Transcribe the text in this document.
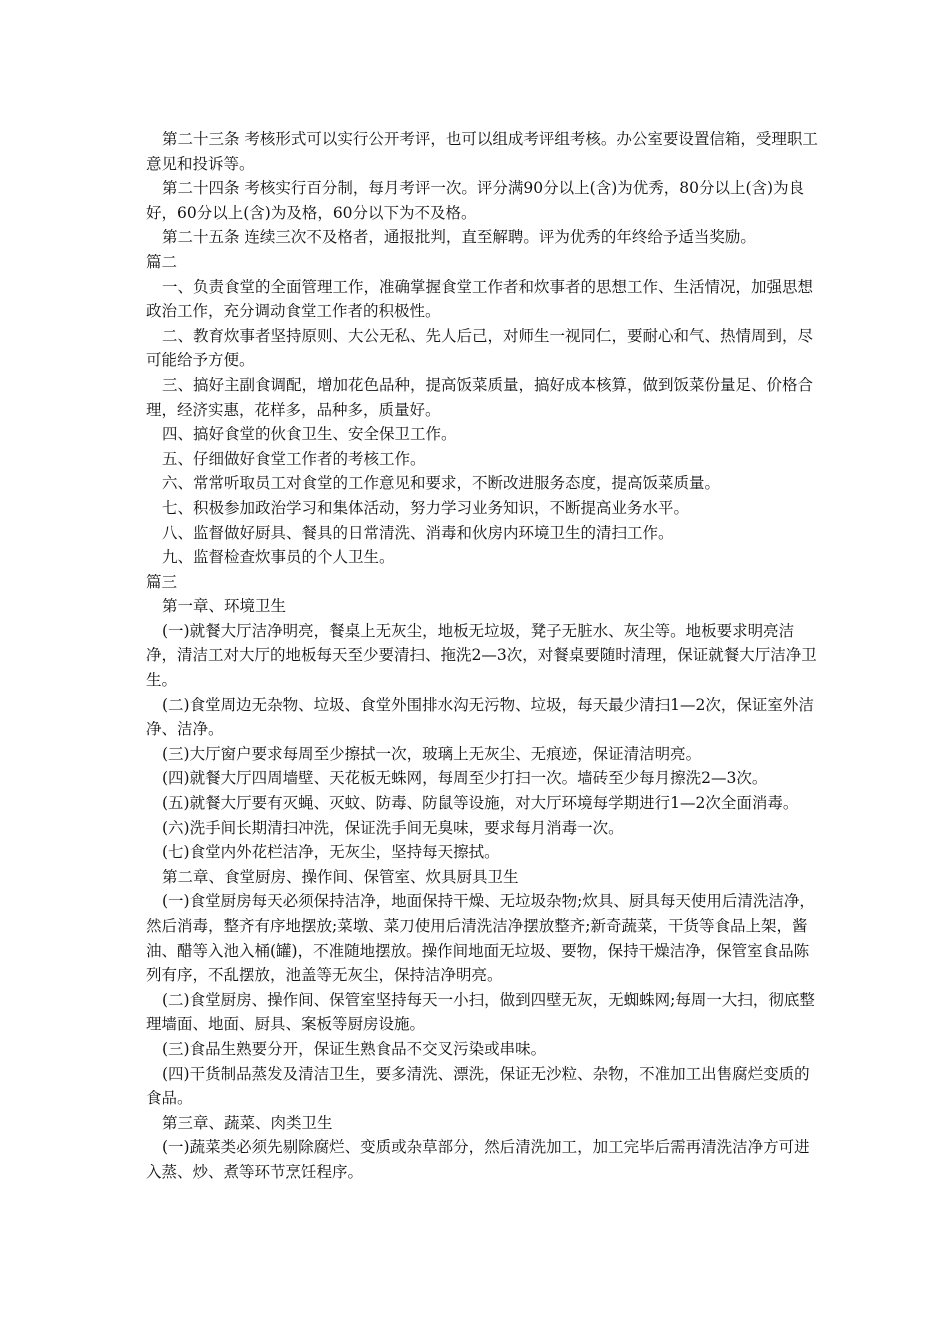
第二十三条 考核形式可以实行公开考评，也可以组成考评组考核。办公室要设置信箱，受理职工意见和投诉等。

第二十四条 考核实行百分制，每月考评一次。评分满90分以上(含)为优秀，80分以上(含)为良好，60分以上(含)为及格，60分以下为不及格。

第二十五条 连续三次不及格者，通报批判，直至解聘。评为优秀的年终给予适当奖励。

篇二

一、负责食堂的全面管理工作，准确掌握食堂工作者和炊事者的思想工作、生活情况，加强思想政治工作，充分调动食堂工作者的积极性。

二、教育炊事者坚持原则、大公无私、先人后己，对师生一视同仁，要耐心和气、热情周到，尽可能给予方便。

三、搞好主副食调配，增加花色品种，提高饭菜质量，搞好成本核算，做到饭菜份量足、价格合理，经济实惠，花样多，品种多，质量好。

四、搞好食堂的伙食卫生、安全保卫工作。

五、仔细做好食堂工作者的考核工作。

六、常常听取员工对食堂的工作意见和要求，不断改进服务态度，提高饭菜质量。

七、积极参加政治学习和集体活动，努力学习业务知识，不断提高业务水平。

八、监督做好厨具、餐具的日常清洗、消毒和伙房内环境卫生的清扫工作。

九、监督检查炊事员的个人卫生。

篇三

第一章、环境卫生

(一)就餐大厅洁净明亮，餐桌上无灰尘，地板无垃圾，凳子无脏水、灰尘等。地板要求明亮洁净，清洁工对大厅的地板每天至少要清扫、拖洗2—3次，对餐桌要随时清理，保证就餐大厅洁净卫生。

(二)食堂周边无杂物、垃圾、食堂外围排水沟无污物、垃圾，每天最少清扫1—2次，保证室外洁净、洁净。

(三)大厅窗户要求每周至少擦拭一次，玻璃上无灰尘、无痕迹，保证清洁明亮。

(四)就餐大厅四周墙壁、天花板无蛛网，每周至少打扫一次。墙砖至少每月擦洗2—3次。

(五)就餐大厅要有灭蝇、灭蚊、防毒、防鼠等设施，对大厅环境每学期进行1—2次全面消毒。

(六)洗手间长期清扫冲洗，保证洗手间无臭味，要求每月消毒一次。

(七)食堂内外花栏洁净，无灰尘，坚持每天擦拭。

第二章、食堂厨房、操作间、保管室、炊具厨具卫生

(一)食堂厨房每天必须保持洁净，地面保持干燥、无垃圾杂物;炊具、厨具每天使用后清洗洁净，然后消毒，整齐有序地摆放;菜墩、菜刀使用后清洗洁净摆放整齐;新奇蔬菜，干货等食品上架，酱油、醋等入池入桶(罐)，不准随地摆放。操作间地面无垃圾、要物，保持干燥洁净，保管室食品陈列有序，不乱摆放，池盖等无灰尘，保持洁净明亮。

(二)食堂厨房、操作间、保管室坚持每天一小扫，做到四壁无灰，无蜘蛛网;每周一大扫，彻底整理墙面、地面、厨具、案板等厨房设施。

(三)食品生熟要分开，保证生熟食品不交叉污染或串味。

(四)干货制品蒸发及清洁卫生，要多清洗、漂洗，保证无沙粒、杂物，不准加工出售腐烂变质的食品。

第三章、蔬菜、肉类卫生

(一)蔬菜类必须先剔除腐烂、变质或杂草部分，然后清洗加工，加工完毕后需再清洗洁净方可进入蒸、炒、煮等环节烹饪程序。
